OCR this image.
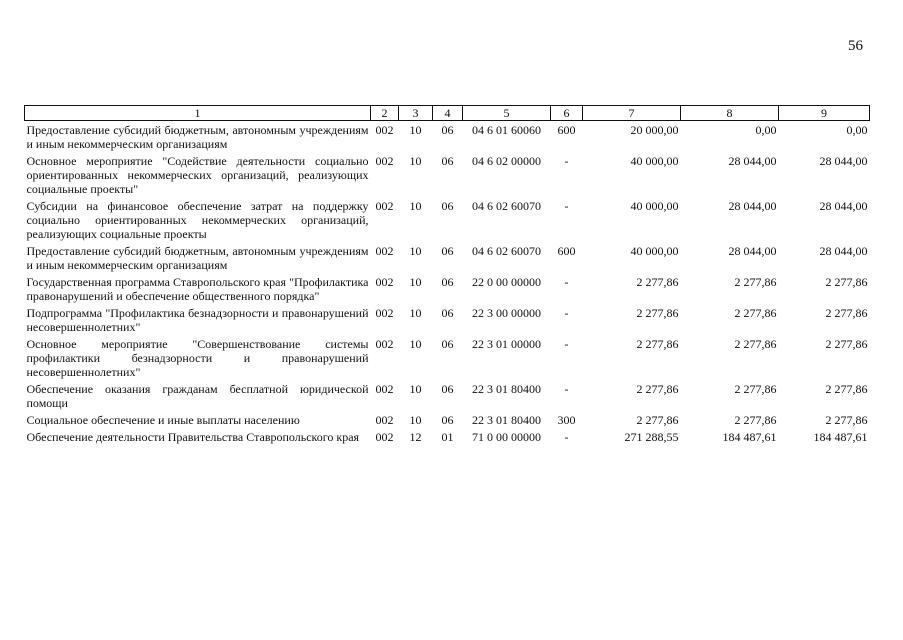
56
1	2	3	4	5	6	7	8	9
Предоставление субсидий бюджетным, автономным учреждениям и иным некоммерческим организациям	002	10	06	04 6 01 60060	600	20 000,00	0,00	0,00
Основное мероприятие "Содействие деятельности социально ориентированных некоммерческих организаций, реализующих социальные проекты"	002	10	06	04 6 02 00000	-	40 000,00	28 044,00	28 044,00
Субсидии на финансовое обеспечение затрат на поддержку социально ориентированных некоммерческих организаций, реализующих социальные проекты	002	10	06	04 6 02 60070	-	40 000,00	28 044,00	28 044,00
Предоставление субсидий бюджетным, автономным учреждениям и иным некоммерческим организациям	002	10	06	04 6 02 60070	600	40 000,00	28 044,00	28 044,00
Государственная программа Ставропольского края "Профилактика правонарушений и обеспечение общественного порядка"	002	10	06	22 0 00 00000	-	2 277,86	2 277,86	2 277,86
Подпрограмма "Профилактика безнадзорности и правонарушений несовершеннолетних"	002	10	06	22 3 00 00000	-	2 277,86	2 277,86	2 277,86
Основное мероприятие "Совершенствование системы профилактики безнадзорности и правонарушений несовершеннолетних"	002	10	06	22 3 01 00000	-	2 277,86	2 277,86	2 277,86
Обеспечение оказания гражданам бесплатной юридической помощи	002	10	06	22 3 01 80400	-	2 277,86	2 277,86	2 277,86
Социальное обеспечение и иные выплаты населению	002	10	06	22 3 01 80400	300	2 277,86	2 277,86	2 277,86
Обеспечение деятельности Правительства Ставропольского края	002	12	01	71 0 00 00000	-	271 288,55	184 487,61	184 487,61
